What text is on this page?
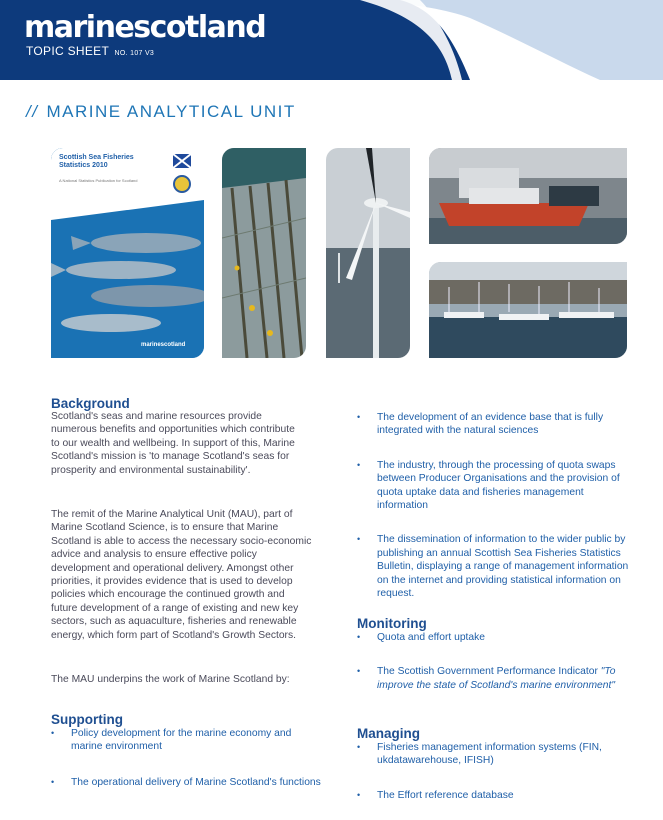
marinescotland
TOPIC SHEET NO. 107 V3
// MARINE ANALYTICAL UNIT
Scottish Sea Fisheries Statistics 2010
A National Statistics Publication for Scotland
marinescotland
Background

Scotland's seas and marine resources provide numerous benefits and opportunities which contribute to our wealth and wellbeing. In support of this, Marine Scotland's mission is 'to manage Scotland's seas for prosperity and environmental sustainability'.

The remit of the Marine Analytical Unit (MAU), part of Marine Scotland Science, is to ensure that Marine Scotland is able to access the necessary socio-economic advice and analysis to ensure effective policy development and operational delivery. Amongst other priorities, it provides evidence that is used to develop policies which encourage the continued growth and future development of a range of existing and new key sectors, such as aquaculture, fisheries and renewable energy, which form part of Scotland's Growth Sectors.

The MAU underpins the work of Marine Scotland by:

Supporting
• Policy development for the marine economy and marine environment
• The operational delivery of Marine Scotland's functions
• The development of an evidence base that is fully integrated with the natural sciences
• The industry, through the processing of quota swaps between Producer Organisations and the provision of quota uptake data and fisheries management information
• The dissemination of information to the wider public by publishing an annual Scottish Sea Fisheries Statistics Bulletin, displaying a range of management information on the internet and providing statistical information on request.
Monitoring
• Quota and effort uptake
• The Scottish Government Performance Indicator "To improve the state of Scotland's marine environment"
Managing
• Fisheries management information systems (FIN, ukdatawarehouse, IFISH)
• The Effort reference database
